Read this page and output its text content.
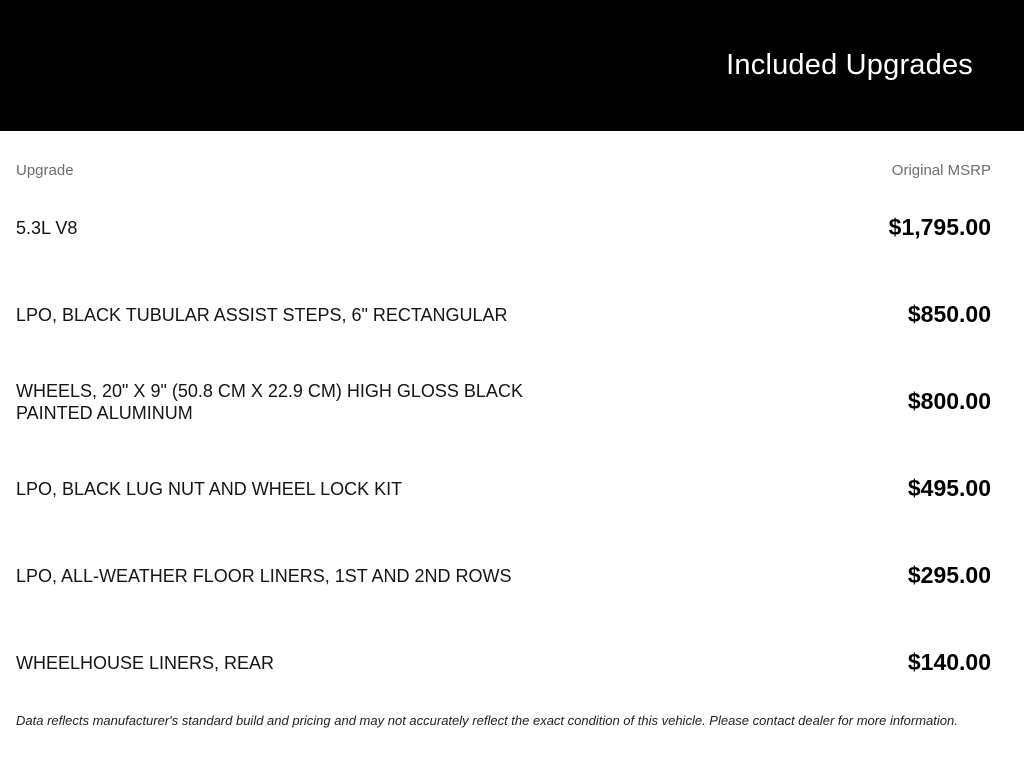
Included Upgrades
Upgrade	Original MSRP
5.3L V8	$1,795.00
LPO, BLACK TUBULAR ASSIST STEPS, 6" RECTANGULAR	$850.00
WHEELS, 20" X 9" (50.8 CM X 22.9 CM) HIGH GLOSS BLACK PAINTED ALUMINUM	$800.00
LPO, BLACK LUG NUT AND WHEEL LOCK KIT	$495.00
LPO, ALL-WEATHER FLOOR LINERS, 1ST AND 2ND ROWS	$295.00
WHEELHOUSE LINERS, REAR	$140.00
Data reflects manufacturer's standard build and pricing and may not accurately reflect the exact condition of this vehicle. Please contact dealer for more information.
